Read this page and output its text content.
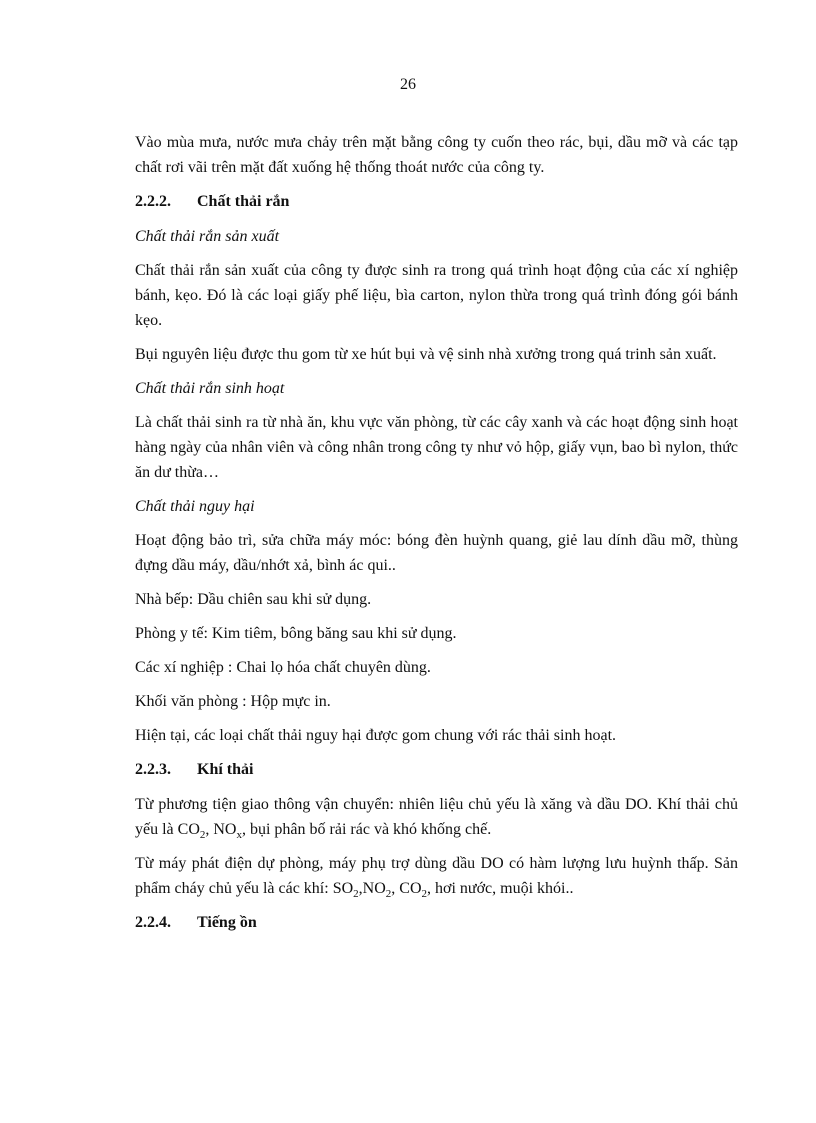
26

Vào mùa mưa, nước mưa chảy trên mặt bằng công ty cuốn theo rác, bụi, dầu mỡ và các tạp chất rơi vãi trên mặt đất xuống hệ thống thoát nước của công ty.

2.2.2. Chất thải rắn
Chất thải rắn sản xuất

Chất thải rắn sản xuất của công ty được sinh ra trong quá trình hoạt động của các xí nghiệp bánh, kẹo. Đó là các loại giấy phế liệu, bìa carton, nylon thừa trong quá trình đóng gói bánh kẹo.

Bụi nguyên liệu được thu gom từ xe hút bụi và vệ sinh nhà xưởng trong quá trinh sản xuất.

Chất thải rắn sinh hoạt

Là chất thải sinh ra từ nhà ăn, khu vực văn phòng, từ các cây xanh và các hoạt động sinh hoạt hàng ngày của nhân viên và công nhân trong công ty như vỏ hộp, giấy vụn, bao bì nylon, thức ăn dư thừa…

Chất thải nguy hại

Hoạt động bảo trì, sửa chữa máy móc: bóng đèn huỳnh quang, giẻ lau dính dầu mỡ, thùng đựng dầu máy, dầu/nhớt xả, bình ác qui..

Nhà bếp: Dầu chiên sau khi sử dụng.

Phòng y tế: Kim tiêm, bông băng sau khi sử dụng.

Các xí nghiệp : Chai lọ hóa chất chuyên dùng.

Khối văn phòng : Hộp mực in.

Hiện tại, các loại chất thải nguy hại được gom chung với rác thải sinh hoạt.

2.2.3. Khí thải

Từ phương tiện giao thông vận chuyển: nhiên liệu chủ yếu là xăng và dầu DO. Khí thải chủ yếu là $CO_2$, $NO_x$, bụi phân bố rải rác và khó khống chế.

Từ máy phát điện dự phòng, máy phụ trợ dùng dầu DO có hàm lượng lưu huỳnh thấp. Sản phẩm cháy chủ yếu là các khí: $SO_2,NO_2$, $CO_2$, hơi nước, muội khói..

2.2.4. Tiếng ồn
